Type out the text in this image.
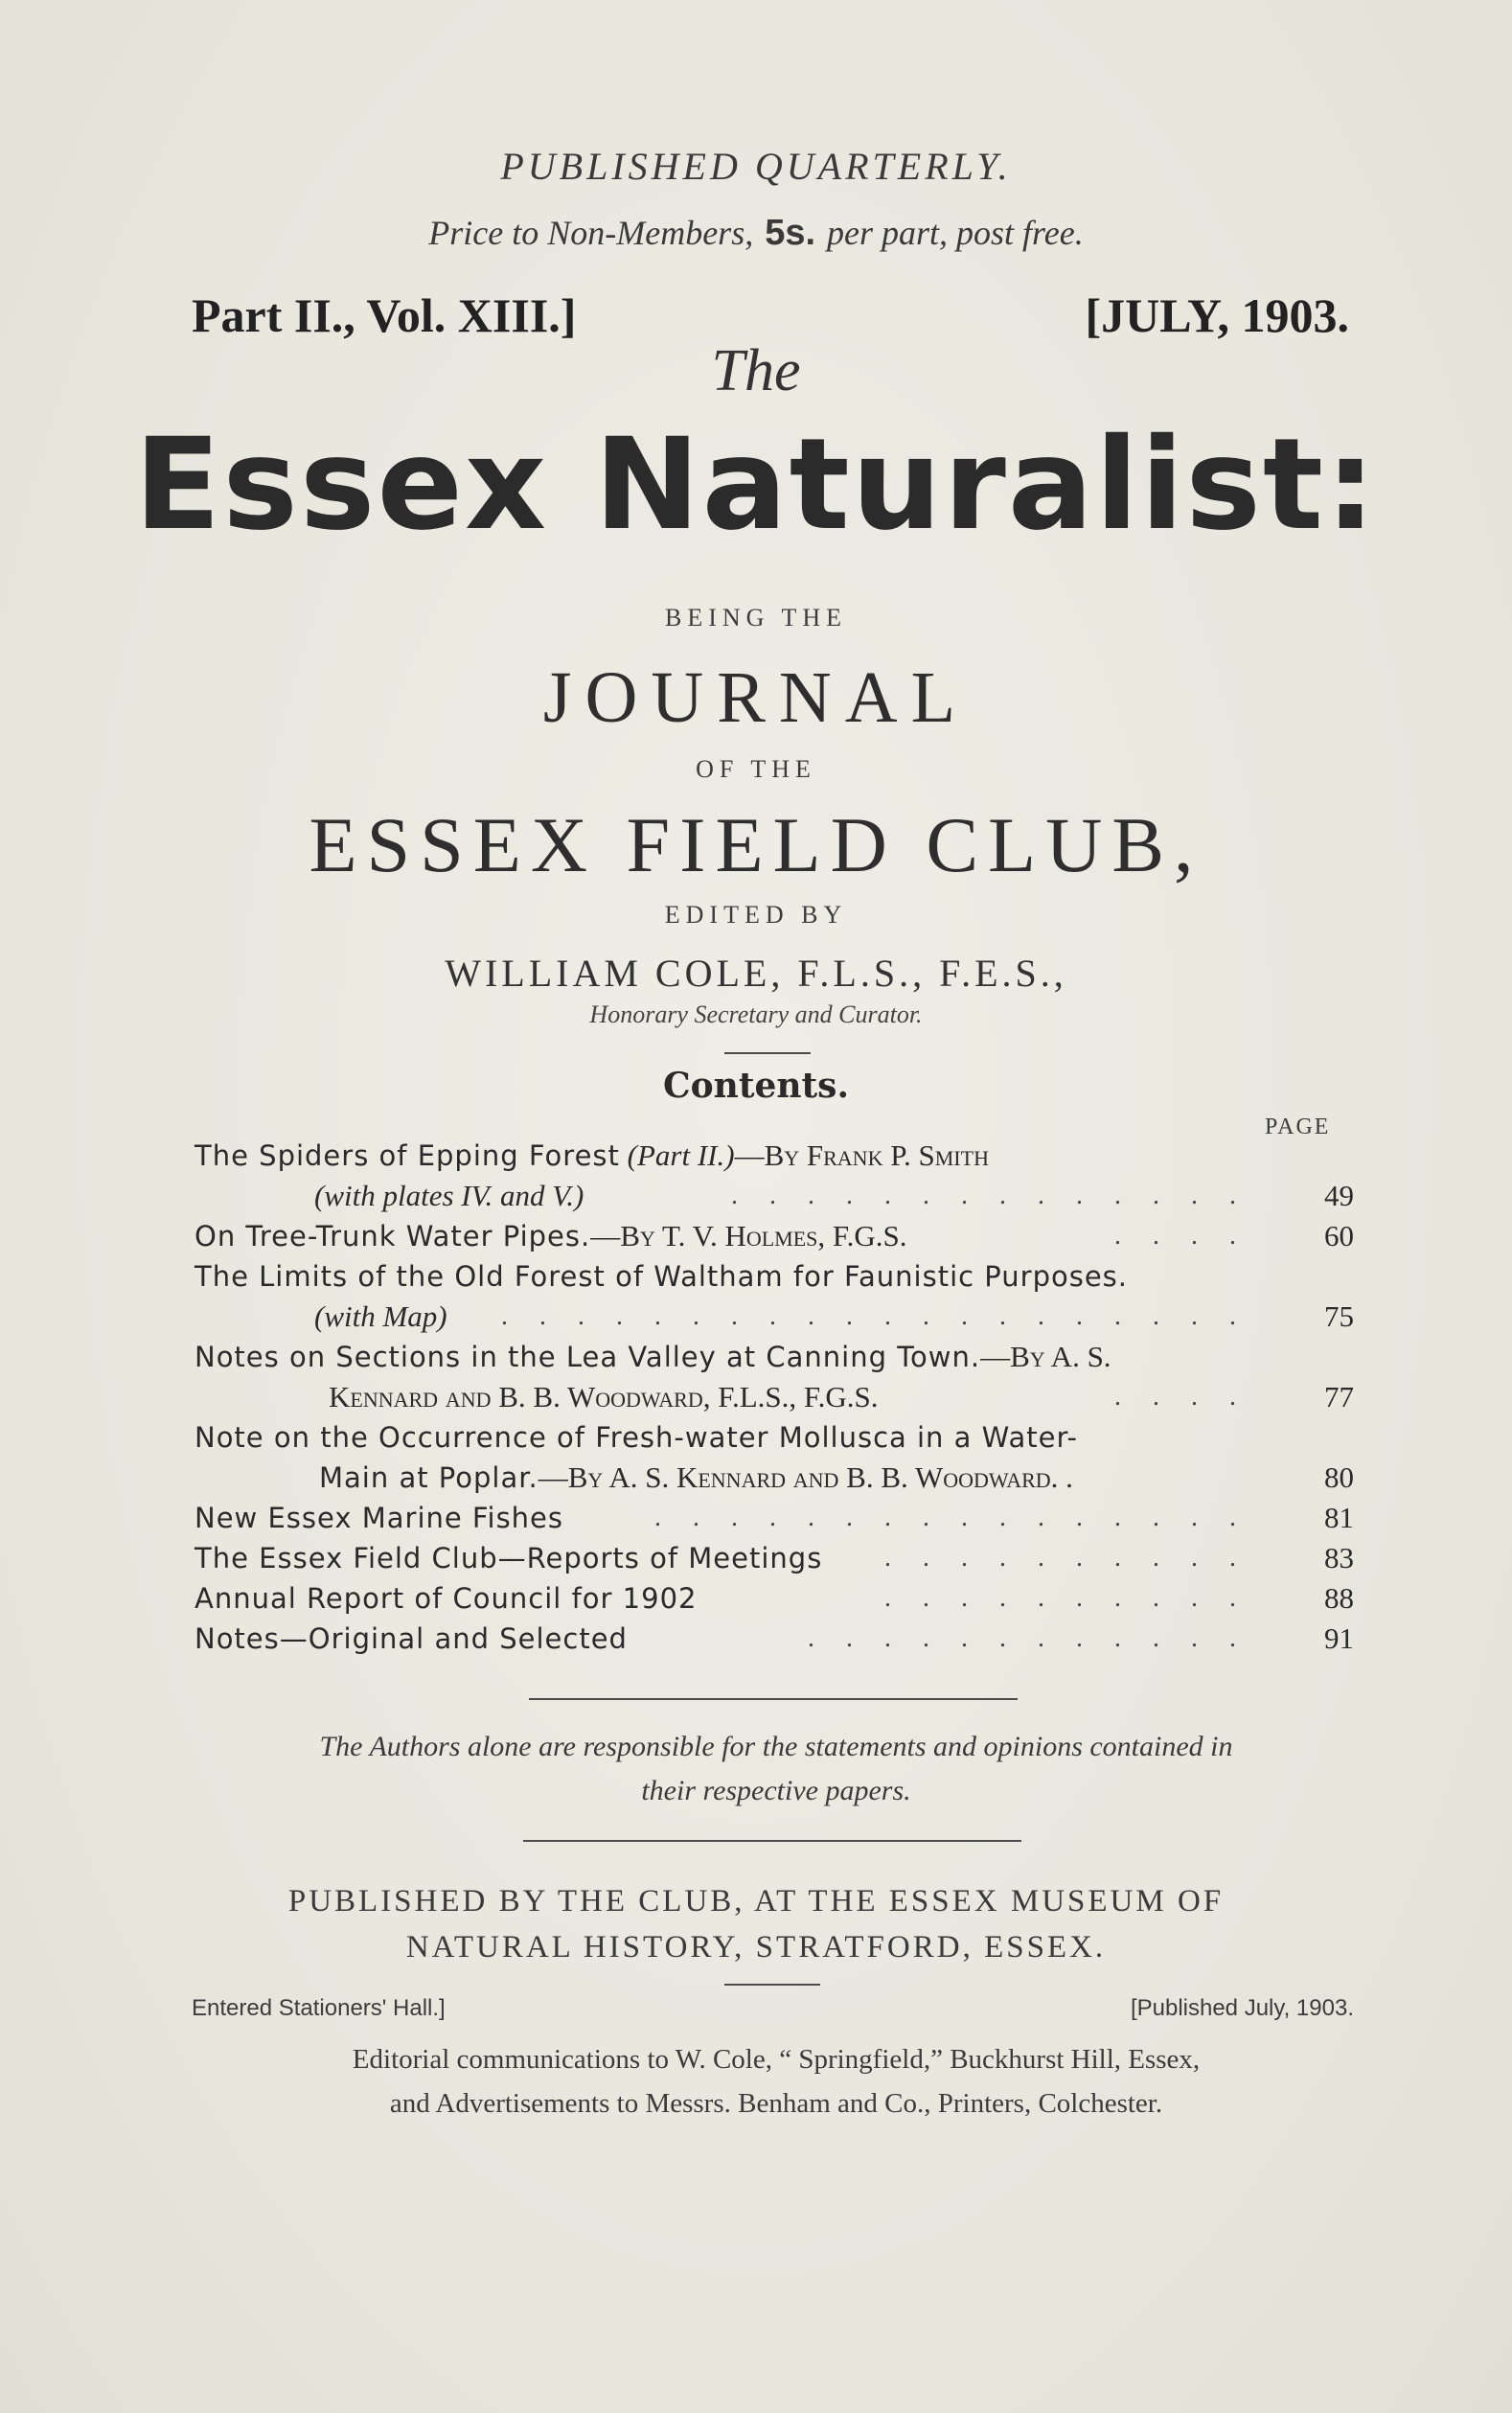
PUBLISHED QUARTERLY.
Price to Non-Members, 5s. per part, post free.
Part II., Vol. XIII.]	[JULY, 1903.
The
Essex Naturalist:
BEING THE
JOURNAL
OF THE
ESSEX FIELD CLUB,
EDITED BY
WILLIAM COLE, F.L.S., F.E.S.,
Honorary Secretary and Curator.
Contents.
PAGE
The Spiders of Epping Forest (Part II.)—By Frank P. Smith
(with plates IV. and V.)	. . . . . . . . . . . . . .	49
On Tree-Trunk Water Pipes.—By T. V. Holmes, F.G.S.	. . . .	60
The Limits of the Old Forest of Waltham for Faunistic Purposes.
(with Map) . . . . . . . . . . . . . . . . . . . .	75
Notes on Sections in the Lea Valley at Canning Town.—By A. S.
Kennard and B. B. Woodward, F.L.S., F.G.S.	. . . .	77
Note on the Occurrence of Fresh-water Mollusca in a Water-
Main at Poplar.—By A. S. Kennard and B. B. Woodward. .	80
New Essex Marine Fishes	. . . . . . . . . . . . . . . .	81
The Essex Field Club—Reports of Meetings . . . . . . . . . .	83
Annual Report of Council for 1902	. . . . . . . . . .	88
Notes—Original and Selected	. . . . . . . . . . . .	91
The Authors alone are responsible for the statements and opinions contained in
their respective papers.
PUBLISHED BY THE CLUB, AT THE ESSEX MUSEUM OF
NATURAL HISTORY, STRATFORD, ESSEX.
Entered Stationers' Hall.]	[Published July, 1903.
Editorial communications to W. Cole, “ Springfield,” Buckhurst Hill, Essex,
and Advertisements to Messrs. Benham and Co., Printers, Colchester.
